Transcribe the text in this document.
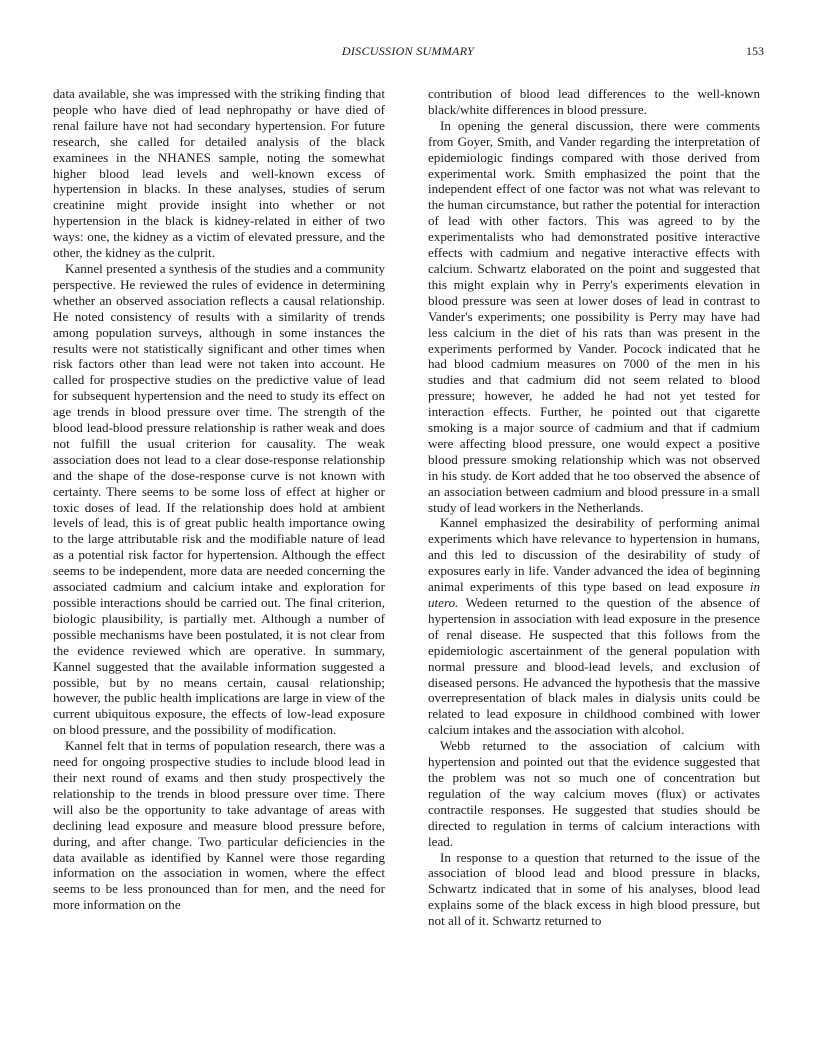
DISCUSSION SUMMARY	153

data available, she was impressed with the striking finding that people who have died of lead nephropathy or have died of renal failure have not had secondary hypertension. For future research, she called for detailed analysis of the black examinees in the NHANES sample, noting the somewhat higher blood lead levels and well-known excess of hypertension in blacks. In these analyses, studies of serum creatinine might provide insight into whether or not hypertension in the black is kidney-related in either of two ways: one, the kidney as a victim of elevated pressure, and the other, the kidney as the culprit.

Kannel presented a synthesis of the studies and a community perspective. He reviewed the rules of evidence in determining whether an observed association reflects a causal relationship. He noted consistency of results with a similarity of trends among population surveys, although in some instances the results were not statistically significant and other times when risk factors other than lead were not taken into account. He called for prospective studies on the predictive value of lead for subsequent hypertension and the need to study its effect on age trends in blood pressure over time. The strength of the blood lead-blood pressure relationship is rather weak and does not fulfill the usual criterion for causality. The weak association does not lead to a clear dose-response relationship and the shape of the dose-response curve is not known with certainty. There seems to be some loss of effect at higher or toxic doses of lead. If the relationship does hold at ambient levels of lead, this is of great public health importance owing to the large attributable risk and the modifiable nature of lead as a potential risk factor for hypertension. Although the effect seems to be independent, more data are needed concerning the associated cadmium and calcium intake and exploration for possible interactions should be carried out. The final criterion, biologic plausibility, is partially met. Although a number of possible mechanisms have been postulated, it is not clear from the evidence reviewed which are operative. In summary, Kannel suggested that the available information suggested a possible, but by no means certain, causal relationship; however, the public health implications are large in view of the current ubiquitous exposure, the effects of low-lead exposure on blood pressure, and the possibility of modification.

Kannel felt that in terms of population research, there was a need for ongoing prospective studies to include blood lead in their next round of exams and then study prospectively the relationship to the trends in blood pressure over time. There will also be the opportunity to take advantage of areas with declining lead exposure and measure blood pressure before, during, and after change. Two particular deficiencies in the data available as identified by Kannel were those regarding information on the association in women, where the effect seems to be less pronounced than for men, and the need for more information on the

contribution of blood lead differences to the well-known black/white differences in blood pressure.

In opening the general discussion, there were comments from Goyer, Smith, and Vander regarding the interpretation of epidemiologic findings compared with those derived from experimental work. Smith emphasized the point that the independent effect of one factor was not what was relevant to the human circumstance, but rather the potential for interaction of lead with other factors. This was agreed to by the experimentalists who had demonstrated positive interactive effects with cadmium and negative interactive effects with calcium. Schwartz elaborated on the point and suggested that this might explain why in Perry's experiments elevation in blood pressure was seen at lower doses of lead in contrast to Vander's experiments; one possibility is Perry may have had less calcium in the diet of his rats than was present in the experiments performed by Vander. Pocock indicated that he had blood cadmium measures on 7000 of the men in his studies and that cadmium did not seem related to blood pressure; however, he added he had not yet tested for interaction effects. Further, he pointed out that cigarette smoking is a major source of cadmium and that if cadmium were affecting blood pressure, one would expect a positive blood pressure smoking relationship which was not observed in his study. de Kort added that he too observed the absence of an association between cadmium and blood pressure in a small study of lead workers in the Netherlands.

Kannel emphasized the desirability of performing animal experiments which have relevance to hypertension in humans, and this led to discussion of the desirability of study of exposures early in life. Vander advanced the idea of beginning animal experiments of this type based on lead exposure in utero. Wedeen returned to the question of the absence of hypertension in association with lead exposure in the presence of renal disease. He suspected that this follows from the epidemiologic ascertainment of the general population with normal pressure and blood-lead levels, and exclusion of diseased persons. He advanced the hypothesis that the massive overrepresentation of black males in dialysis units could be related to lead exposure in childhood combined with lower calcium intakes and the association with alcohol.

Webb returned to the association of calcium with hypertension and pointed out that the evidence suggested that the problem was not so much one of concentration but regulation of the way calcium moves (flux) or activates contractile responses. He suggested that studies should be directed to regulation in terms of calcium interactions with lead.

In response to a question that returned to the issue of the association of blood lead and blood pressure in blacks, Schwartz indicated that in some of his analyses, blood lead explains some of the black excess in high blood pressure, but not all of it. Schwartz returned to
